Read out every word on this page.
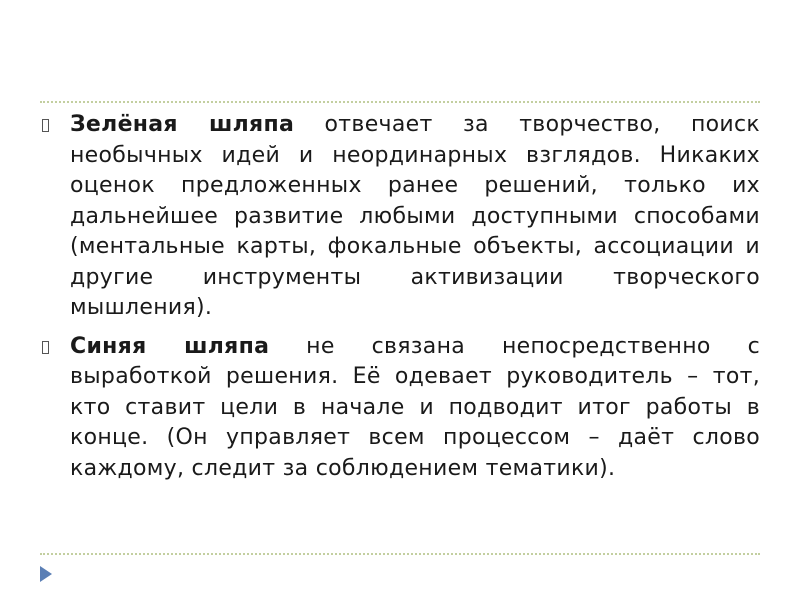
Зелёная шляпа отвечает за творчество, поиск необычных идей и неординарных взглядов. Никаких оценок предложенных ранее решений, только их дальнейшее развитие любыми доступными способами (ментальные карты, фокальные объекты, ассоциации и другие инструменты активизации творческого мышления).
Синяя шляпа не связана непосредственно с выработкой решения. Её одевает руководитель – тот, кто ставит цели в начале и подводит итог работы в конце. (Он управляет всем процессом – даёт слово каждому, следит за соблюдением тематики).
